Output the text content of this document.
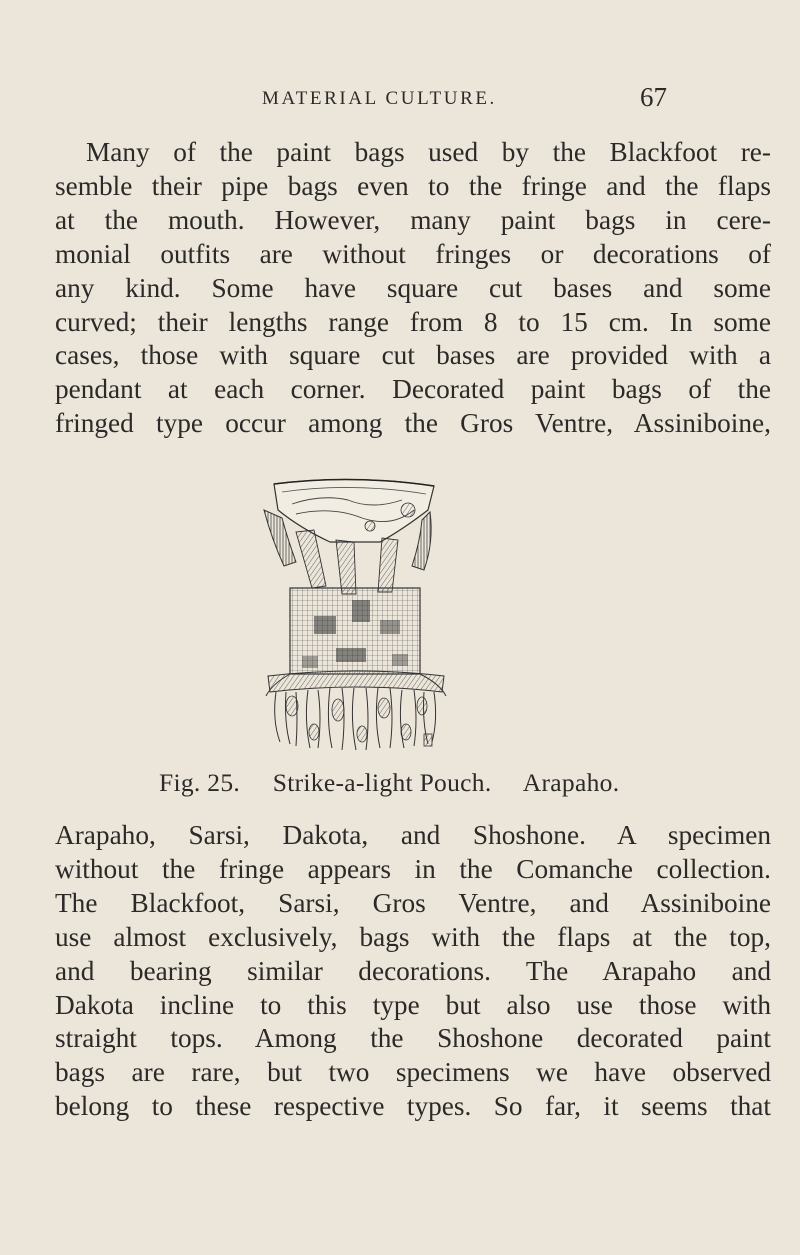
MATERIAL CULTURE.	67

Many of the paint bags used by the Blackfoot re-
semble their pipe bags even to the fringe and the flaps
at the mouth. However, many paint bags in cere-
monial outfits are without fringes or decorations of
any kind. Some have square cut bases and some
curved; their lengths range from 8 to 15 cm. In some
cases, those with square cut bases are provided with a
pendant at each corner. Decorated paint bags of the
fringed type occur among the Gros Ventre, Assiniboine,

Fig. 25. Strike-a-light Pouch. Arapaho.

Arapaho, Sarsi, Dakota, and Shoshone. A specimen
without the fringe appears in the Comanche collection.
The Blackfoot, Sarsi, Gros Ventre, and Assiniboine
use almost exclusively, bags with the flaps at the top,
and bearing similar decorations. The Arapaho and
Dakota incline to this type but also use those with
straight tops. Among the Shoshone decorated paint
bags are rare, but two specimens we have observed
belong to these respective types. So far, it seems that
